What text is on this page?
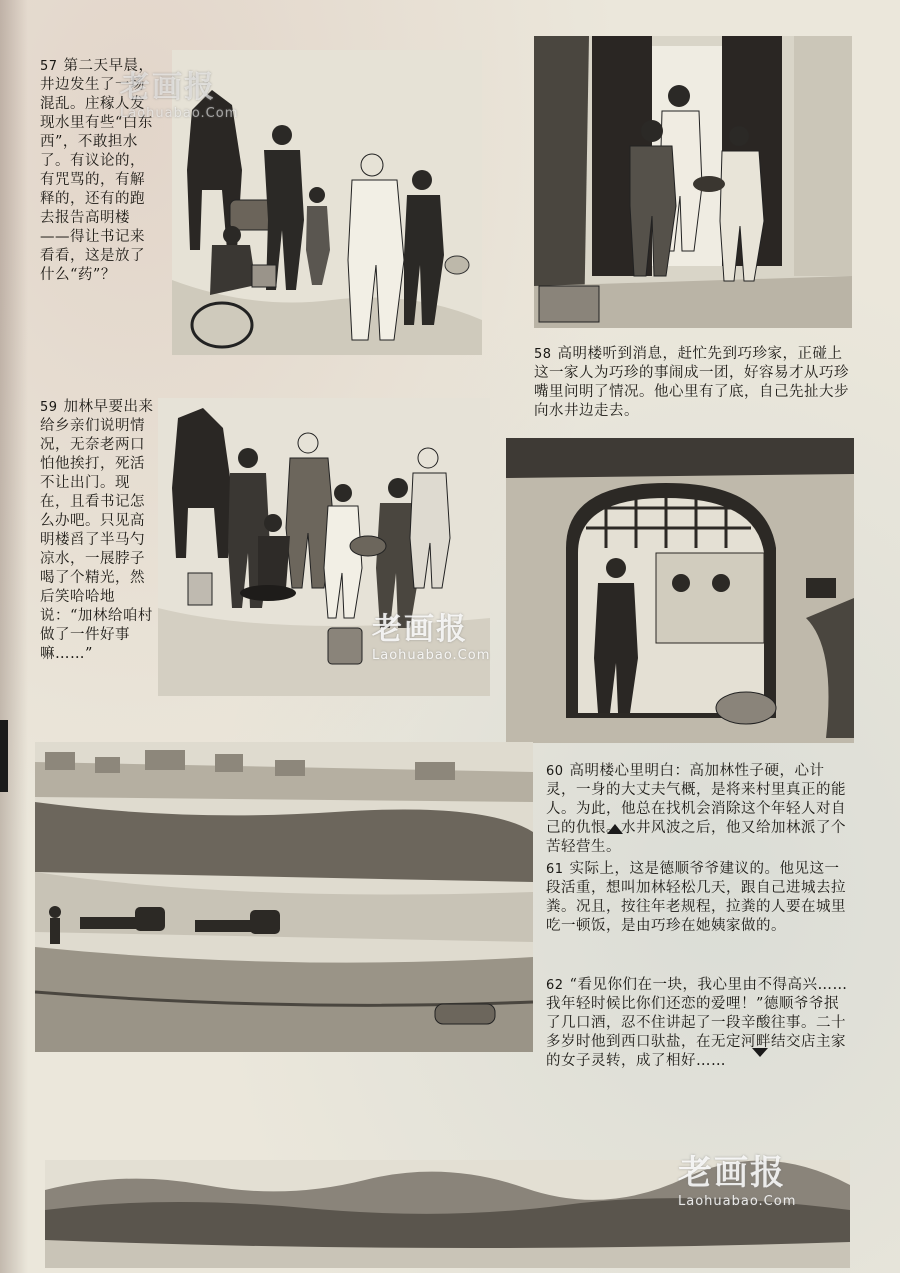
57 第二天早晨，井边发生了一场混乱。庄稼人发现水里有些“白东西”，不敢担水了。有议论的，有咒骂的，有解释的，还有的跑去报告高明楼——得让书记来看看，这是放了什么“药”？
58 高明楼听到消息，赶忙先到巧珍家，正碰上这一家人为巧珍的事闹成一团，好容易才从巧珍嘴里问明了情况。他心里有了底，自己先扯大步向水井边走去。
59 加林早要出来给乡亲们说明情况，无奈老两口怕他挨打，死活不让出门。现在，且看书记怎么办吧。只见高明楼舀了半马勺凉水，一展脖子喝了个精光，然后笑哈哈地说：“加林给咱村做了一件好事嘛……”
60 高明楼心里明白：高加林性子硬，心计灵，一身的大丈夫气概，是将来村里真正的能人。为此，他总在找机会消除这个年轻人对自己的仇恨。水井风波之后，他又给加林派了个苦轻营生。
61 实际上，这是德顺爷爷建议的。他见这一段活重，想叫加林轻松几天，跟自己进城去拉粪。况且，按往年老规程，拉粪的人要在城里吃一顿饭，是由巧珍在她姨家做的。
62 “看见你们在一块，我心里由不得高兴……我年轻时候比你们还恋的爱哩！”德顺爷爷抿了几口酒，忍不住讲起了一段辛酸往事。二十多岁时他到西口驮盐，在无定河畔结交店主家的女子灵转，成了相好……
老画报
Laohuabao.Com
老画报
Laohuabao.Com
老画报
Laohuabao.Com
